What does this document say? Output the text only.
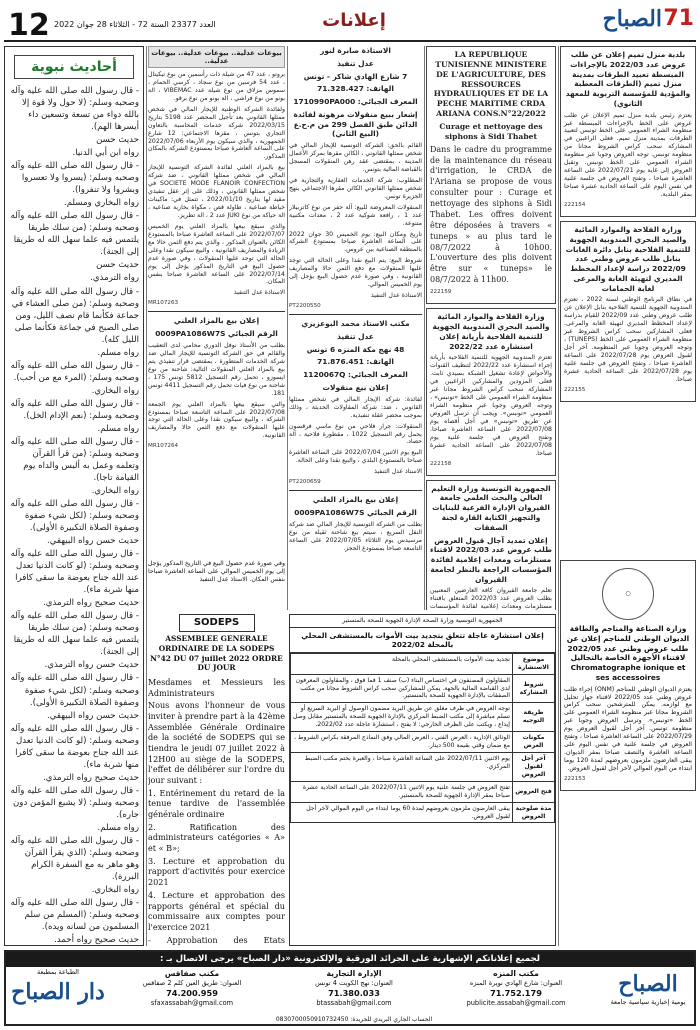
12 العدد 23377 السنة 72 - الثلاثاء 28 جوان 2022	إعلانات	71
الصباح
أحاديث نبوية

- قال رسول الله صلى الله عليه وآله وصحبه وسلم: (لا حول ولا قوة إلا بالله دواء من تسعة وتسعين داء أيسرها الهم).

حديث حسن

رواه ابن أبي الدنيا.

- قال رسول الله صلى الله عليه وآله وصحبه وسلم: (يسروا ولا تعسروا وبشروا ولا تنفروا).

رواه البخاري ومسلم.

- قال رسول الله صلى الله عليه وآله وصحبه وسلم: (من سلك طريقا يلتمس فيه علما سهل الله له طريقا إلى الجنة).

حديث حسن

رواه الترمذي.

- قال رسول الله صلى الله عليه وآله وصحبه وسلم: (من صلى العشاء في جماعة فكأنما قام نصف الليل، ومن صلى الصبح في جماعة فكأنما صلى الليل كله).

رواه مسلم.

- قال رسول الله صلى الله عليه وآله وصحبه وسلم: (المرء مع من أحب).

رواه البخاري.

- قال رسول الله صلى الله عليه وآله وصحبه وسلم: (نعم الإدام الخل).

رواه مسلم.

- قال رسول الله صلى الله عليه وآله وصحبه وسلم: (من قرأ القرآن وتعلمه وعمل به ألبس والداه يوم القيامة تاجا).

رواه البخاري.

- قال رسول الله صلى الله عليه وآله وصحبه وسلم: (لكل شيء صفوة وصفوة الصلاة التكبيرة الأولى).

حديث حسن رواه البيهقي.

- قال رسول الله صلى الله عليه وآله وصحبه وسلم: (لو كانت الدنيا تعدل عند الله جناح بعوضة ما سقى كافرا منها شربة ماء).

حديث صحيح رواه الترمذي.

- قال رسول الله صلى الله عليه وآله وصحبه وسلم: (من سلك طريقا يلتمس فيه علما سهل الله له طريقا إلى الجنة).

حديث حسن رواه الترمذي.

- قال رسول الله صلى الله عليه وآله وصحبه وسلم: (لكل شيء صفوة وصفوة الصلاة التكبيرة الأولى).

حديث حسن رواه البيهقي.

- قال رسول الله صلى الله عليه وآله وصحبه وسلم: (لو كانت الدنيا تعدل عند الله جناح بعوضة ما سقى كافرا منها شربة ماء).

حديث صحيح رواه الترمذي.

- قال رسول الله صلى الله عليه وآله وصحبه وسلم: (لا يشبع المؤمن دون جاره).

رواه مسلم.

- قال رسول الله صلى الله عليه وآله وصحبه وسلم: (الذي يقرأ القرآن وهو ماهر به مع السفرة الكرام البررة).

رواه البخاري.

- قال رسول الله صلى الله عليه وآله وصحبه وسلم: (المسلم من سلم المسلمون من لسانه ويده).

حديث صحيح رواه أحمد.

بيوعات عدلية.. بيوعات عدلية.. بيوعات عدلية..

بروتو ، عدد 47 من شيلة ذات رأسمين من نوع تيكيتال ، عدد 54 فرسين من نوع سجاد ، كرسي الحمام ، سموس مزلاق من نوع شيلة عدد VIBEMAC ، الة بونو من نوع فراشي ، الة بونو من نوع برقو.

ولفائدة الشركة الوطنية للإيجار المالي في شخص ممثلها القانوني بعد تأجيل المحضر عدد 5198 بتاريخ 2022/03/15 شركة خدمات المحاسبة بالتعاون التجاري بتونس ، مقرها الاجتماعي: 12 شارع الجمهورية ، والذي سيكون يوم الأربعاء 2022/07/06 على الساعة العاشرة صباحا بمستودع الشركة بالمكان المذكور.

بيع بالمزاد العلني لفائدة الشركة التونسية للإيجار المالي في شخص ممثلها القانوني ، ضد شركة SOCIETE MODE FLANOIR CONFECTION في شخص ممثلها القانوني ، وذلك على إثر عقل تنفيذي مقيد لها بتاريخ 2022/01/10 ، تتمثل في: ماكينات خياطة صناعية ، طاولة قص ، مكواة بخارية صناعية ، الة حياكة من نوع JUKI عدد 2 ، الة تطريز.

والذي سيقع بيعها بالمزاد العلني يوم الخميس 2022/07/07 على الساعة العاشرة صباحا بالمستودع الكائن بالعنوان المذكور ، والذي يتم دفع الثمن حالا مع الزيادة والمصاريف القانونية ، والبيع سيكون نقدا وعلى الحالة التي توجد عليها المنقولات ، وفي صورة عدم حصول البيع في التاريخ المذكور يؤجل إلى يوم 2022/07/14 على الساعة العاشرة صباحا بنفس المكان.

الاستاذة عدل التنفيذ

MR107263
إعلان بيع بالمزاد العلني
الرقم الجبائي 0009PA1086W7S

بطلب من الأستاذ نوفل الدوري محامي لدى التعقيب والقائم في حق الشركة التونسية للإيجار المالي ضد شركة الخدمات المتطورة ، بمقتضى قرار تنفيذي يتم بيع بالمزاد العلني المنقولات التالية: شاحنة من نوع ايسوزو ، تحمل رقم التسجيل 5812 تونس 175 ، شاحنة من نوع فيات تحمل رقم التسجيل 4411 تونس 181.

والتي سيقع بيعها بالمزاد العلني يوم الجمعة 2022/07/08 على الساعة التاسعة صباحا بمستودع الشركة ، والبيع سيكون نقدا وعلى الحالة التي توجد عليها المنقولات مع دفع الثمن حالا والمصاريف القانونية.

MR107264

وفي صورة عدم حصول البيع في التاريخ المذكور يؤجل إلى يوم الخميس الموالي على الساعة العاشرة صباحا بنفس المكان. الاستاذ عدل التنفيذ

الاستاذة صابرة لنور
عدل تنفيذ
7 شارع الهادي شاكر - تونس
الهاتف: 71.328.427
المعرف الجبائي: 1710990PA000
إشعار ببيع منقولات مرهونة لفائدة الدائن طبق الفصل 299 من م.ح.ع (البيع الثاني)

القائم بالحق: الشركة التونسية للإيجار المالي في شخص ممثلها القانوني ، الكائن مقرها بمركز الأعمال المدينة ، بمقتضى عقد رهن المنقولات المسجل بالقباضة المالية بتونس.

المطلوب: شركة الخدمات العقارية والتجارية في شخص ممثلها القانوني الكائن مقرها الاجتماعي بنهج الجزيرة تونس.

المنقولات المعروضة للبيع: آلة حفر من نوع كاتربيلار عدد 1 ، رافعة شوكية عدد 2 ، معدات مكتبية متنوعة.

تاريخ ومكان البيع: يوم الخميس 30 جوان 2022 على الساعة العاشرة صباحا بمستودع الشركة بالمنطقة الصناعية ببن عروس.

شروط البيع: يتم البيع نقدا وعلى الحالة التي توجد عليها المنقولات مع دفع الثمن حالا والمصاريف القانونية ، وفي صورة عدم حصول البيع يؤجل إلى يوم الخميس الموالي.

الاستاذة عدل التنفيذ

PT2200550
مكتب الاستاذ محمد البوعزيزي
عدل تنفيذ
48 نهج مكة المنزه 6 تونس
الهاتف: 71.876.451
المعرف الجبائي: 1120067Q
إعلان بيع منقولات

لفائدة: شركة الإيجار المالي في شخص ممثلها القانوني ، ضد: شركة المقاولات الحديثة ، وذلك بموجب محضر عقلة تنفيذية.

المنقولات: جرار فلاحي من نوع ماسي فرقسون يحمل رقم التسجيل 1022 ، مقطورة فلاحية ، آلة حصاد.

البيع يوم الاثنين 2022/07/04 على الساعة العاشرة صباحا بالمستودع البلدي ، والبيع نقدا وعلى الحالة.

الاستاذ عدل التنفيذ

PT2200659
إعلان بيع بالمزاد العلني
الرقم الجبائي 0009PA1086W7S

بطلب من الشركة التونسية للإيجار المالي ضد شركة النقل السريع ، سيتم بيع شاحنة ثقيلة من نوع مرسيدس يوم الثلاثاء 2022/07/05 على الساعة التاسعة صباحا بمستودع الحجز.

LA REPUBLIQUE TUNISIENNE MINISTERE DE L'AGRICULTURE, DES RESSOURCES HYDRAULIQUES ET DE LA PECHE MARITIME CRDA ARIANA CONS.N°22/2022
Curage et nettoyage des siphons à Sidi Thabet

Dans le cadre du programme de la maintenance du réseau d'irrigation, le CRDA de l'Ariana se propose de vous consulter pour : Curage et nettoyage des siphons à Sidi Thabet. Les offres doivent être déposées à travers « tuneps » au plus tard le 08/7/2022 à 10h00. L'ouverture des plis doivent être sur « tuneps» le 08/7/2022 à 11h00.

222159
وزارة الفلاحة والموارد المائية والصيد البحري المندوبية الجهوية للتنمية الفلاحية بأريانة إعلان استشارة عدد 2022/22

تعتزم المندوبية الجهوية للتنمية الفلاحية بأريانة إجراء استشارة عدد 2022/22 لتنظيف القنوات والأحواض لإعادة تشغيل الشبكة بسيدي ثابت. فعلى المزودين والمشاركين الراغبين في المشاركة سحب كراس الشروط مجانا عبر منظومة الشراء العمومي على الخط «تونبس» ، وتوجه العروض وجوبا عبر منظومة الشراء العمومي «تونبس». ويجب أن ترسل العروض عن طريق «تونبس» في أجل أقصاه يوم 2022/07/08 على الساعة العاشرة صباحا. وتفتح العروض في جلسة علنية يوم 2022/07/08 على الساعة الحادية عشرة صباحا.

222158
الجمهورية التونسية وزارة التعليم العالي والبحث العلمي جامعة القيروان الإدارة الفرعية للبنايات والتجهيز الكتابة القارة لجنة الصفقات
إعلان تمديد آجال قبول العروض طلب عروض عدد 2022/03 لاقتناء مستلزمات ومعدات إعلامية لفائدة المؤسسات الراجعة بالنظر لجامعة القيروان

تعلم جامعة القيروان كافة العارضين المعنيين بطلب العروض عدد 2022/03 المتعلق باقتناء مستلزمات ومعدات إعلامية لفائدة المؤسسات

بلدية منزل تميم إعلان عن طلب عروض عدد 2022/03 بالإجراءات المبسطة تعبيد الطرقات بمدينة منزل تميم (الطرقات المعطبة والمؤدية للمؤسسة التربوية للمعهد الثانوي)

يعتزم رئيس بلدية منزل تميم الإعلان عن طلب عروض على الخط بالإجراءات المبسطة عبر منظومة الشراء العمومي على الخط تونبس لتعبيد الطرقات بمدينة منزل تميم. فعلى الراغبين في المشاركة سحب كراس الشروط مجانا من منظومة تونبس. توجه العروض وجوبا عبر منظومة الشراء العمومي على الخط تونبس. وتقبل العروض إلى غاية يوم 2022/07/21 على الساعة العاشرة صباحا ، وتفتح العروض في جلسة علنية في نفس اليوم على الساعة الحادية عشرة صباحا بمقر البلدية.

222154
وزارة الفلاحة والموارد المائية والصيد البحري المندوبية الجهوية للتنمية الفلاحية بنابل دائرة الغابات بنابل طلب عروض وطني عدد 2022/09 دراسة لإعداد المخطط المديري لتهيئة الغابة والمرعى لغابة الحمامات

في نطاق البرنامج الوطني لسنة 2022 ، تعتزم المندوبية الجهوية للتنمية الفلاحية بنابل الإعلان عن طلب عروض وطني عدد 2022/09 للقيام بدراسة لإعداد المخطط المديري لتهيئة الغابة والمرعى. فعلى المشاركين سحب كراس الشروط عبر منظومة الشراء العمومي على الخط (TUNEPS) ، وتوجه العروض وجوبا عبر المنظومة. آخر أجل لقبول العروض يوم 2022/07/28 على الساعة العاشرة صباحا ، وتفتح العروض في جلسة علنية يوم 2022/07/28 على الساعة الحادية عشرة صباحا.

222155
○
وزارة الصناعة والمناجم والطاقة الديوان الوطني للمناجم إعلان عن طلب عروض وطني عدد 2022/05 لاقتناء الأجهزة الخاصة بالتحاليل Chromatographe ionique et ses accessoires

يعتزم الديوان الوطني للمناجم (ONM) إجراء طلب عروض وطني عدد 2022/05 لاقتناء جهاز تحليل مع لوازمه. يمكن للمترشحين سحب كراس الشروط مجانا عبر منظومة الشراء العمومي على الخط «تونبس». وترسل العروض وجوبا عبر منظومة تونبس. آخر أجل لقبول العروض يوم 2022/07/29 على الساعة العاشرة صباحا ، وتفتح العروض في جلسة علنية في نفس اليوم على الساعة العاشرة والنصف صباحا بمقر الديوان. يبقى العارضون ملزمون بعروضهم لمدة 120 يوما ابتداء من اليوم الموالي لآخر أجل لقبول العروض.

222153
SODEPS
ASSEMBLEE GENERALE ORDINAIRE DE LA SODEPS N°42 DU 07 juillet 2022 ORDRE DU JOUR

Mesdames et Messieurs les Administrateurs

Nous avons l'honneur de vous inviter à prendre part à la 42ème Assemblée Générale Ordinaire de la société de SODEPS qui se tiendra le jeudi 07 juillet 2022 à 12H00 au siège de la SODEPS, l'effet de délibérer sur l'ordre du jour suivant :

1. Entérinement du retard de la tenue tardive de l'assemblée générale ordinaire

2. Ratification des administrateurs catégories « A» et « B»;

3. Lecture et approbation du rapport d'activités pour exercice 2021

4. Lecture et approbation des rapports général et spécial du commissaire aux comptes pour l'exercice 2021

- Approbation des Etats

الجمهورية التونسية وزارة الصحة الإدارة الجهوية للصحة بالمنستير
إعلان استشارة عاجلة تتعلق بتجديد بيت الأموات بالمستشفى المحلي بالمحلة 2022/02
موضوع الاستشارة	تجديد بيت الأموات بالمستشفى المحلي بالمحلة
شروط المشاركة	المقاولون المصنفون في اختصاص البناء (ب) صنف 1 فما فوق ، والمقاولون المعرفون لدى القباضة المالية بالجهة. يمكن للمشاركين سحب كراس الشروط مجانا من مكتب الصفقات بالإدارة الجهوية للصحة بالمنستير.
طريقة التوجيه	توجه العروض في ظرف مغلق عن طريق البريد مضمون الوصول أو البريد السريع أو تسلم مباشرة إلى مكتب الضبط المركزي بالإدارة الجهوية للصحة بالمنستير مقابل وصل إيداع ، ويكتب على الظرف الخارجي: لا يفتح ، استشارة عاجلة عدد 2022/02.
مكونات العرض	الوثائق الإدارية ، العرض الفني ، العرض المالي وفق النماذج المرفقة بكراس الشروط ، مع ضمان وقتي بقيمة 500 دينار.
آخر أجل لقبول العروض	يوم الاثنين 2022/07/11 على الساعة العاشرة صباحا ، والعبرة بختم مكتب الضبط المركزي.
فتح العروض	تفتح العروض في جلسة علنية يوم الاثنين 2022/07/11 على الساعة الحادية عشرة صباحا بمقر الإدارة الجهوية للصحة بالمنستير.
مدة صلوحية العروض	يبقى العارضون ملزمون بعروضهم لمدة 60 يوما ابتداء من اليوم الموالي لآخر أجل لقبول العروض.
لجميع إعلاناتكم الإشهارية على الجرائد الورقية والإلكترونية «دار الصباح» يرجى الاتصال بـ :
الطباعة بمطبعة
دار الصباح
مكتب صفاقس
العنوان: طريق العين كلم 2 صفاقس
74.200.959
sfaxassabah@gmail.com
الإدارة التجارية
العنوان: نهج الكويت 4 تونس
71.380.033
btassabah@gmail.com
مكتب المنزه
العنوان: شارع الهادي نويرة المنزه
71.752.179
publicite.assabah@gmail.com
الصباح
يومية إخبارية سياسية جامعة
الحساب الجاري البريدي للجريدة: 0830700050910732450
